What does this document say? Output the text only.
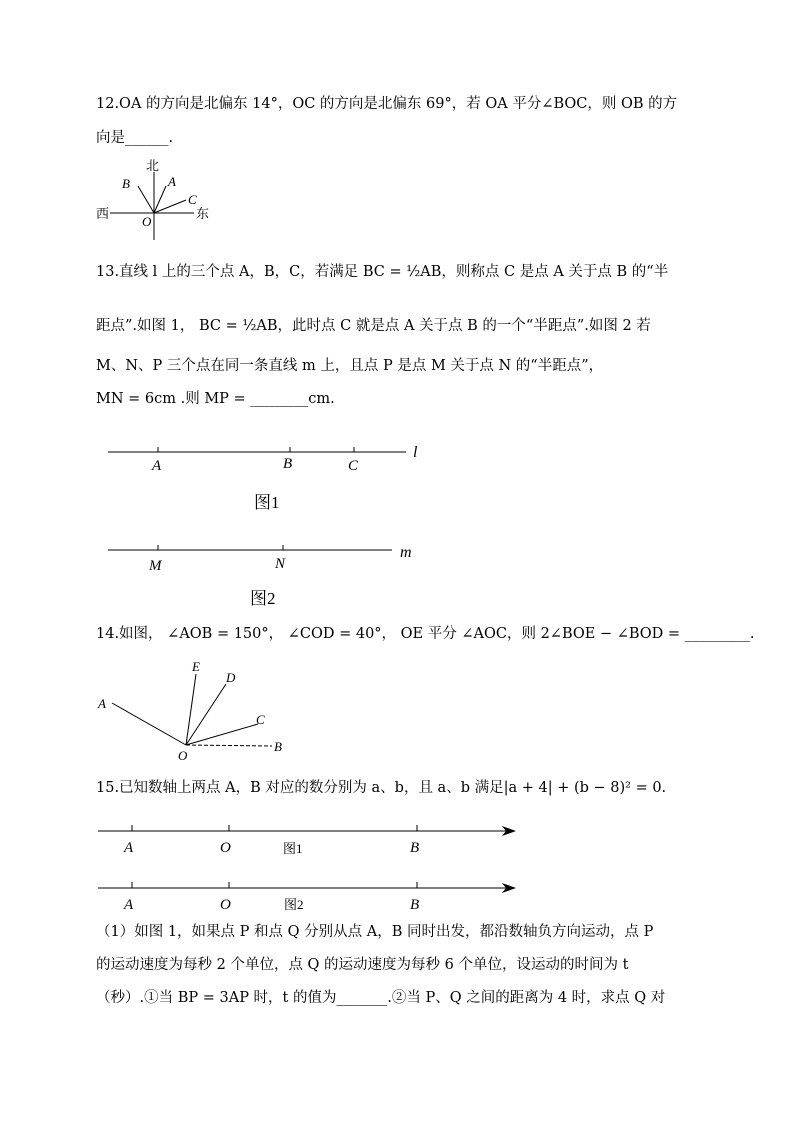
12.OA 的方向是北偏东 14°，OC 的方向是北偏东 69°，若 OA 平分∠BOC，则 OB 的方
向是______.
北
西	东
B	A
C
O
13.直线 l 上的三个点 A，B，C，若满足 BC = ½AB，则称点 C 是点 A 关于点 B 的“半
距点”.如图 1， BC = ½AB，此时点 C 就是点 A 关于点 B 的一个“半距点”.如图 2 若
M、N、P 三个点在同一条直线 m 上，且点 P 是点 M 关于点 N 的“半距点”，
MN = 6cm .则 MP = ________cm.
A	B	C
l
图1
M	N
m
图2
14.如图， ∠AOB = 150°， ∠COD = 40°， OE 平分 ∠AOC，则 2∠BOE − ∠BOD = _________.
E
D
A
C
O
B
15.已知数轴上两点 A，B 对应的数分别为 a、b，且 a、b 满足|a + 4| + (b − 8)² = 0.
A	O	B
图1
A	O	B
图2
（1）如图 1，如果点 P 和点 Q 分别从点 A，B 同时出发，都沿数轴负方向运动，点 P
的运动速度为每秒 2 个单位，点 Q 的运动速度为每秒 6 个单位，设运动的时间为 t
（秒）.①当 BP = 3AP 时，t 的值为_______.②当 P、Q 之间的距离为 4 时，求点 Q 对
